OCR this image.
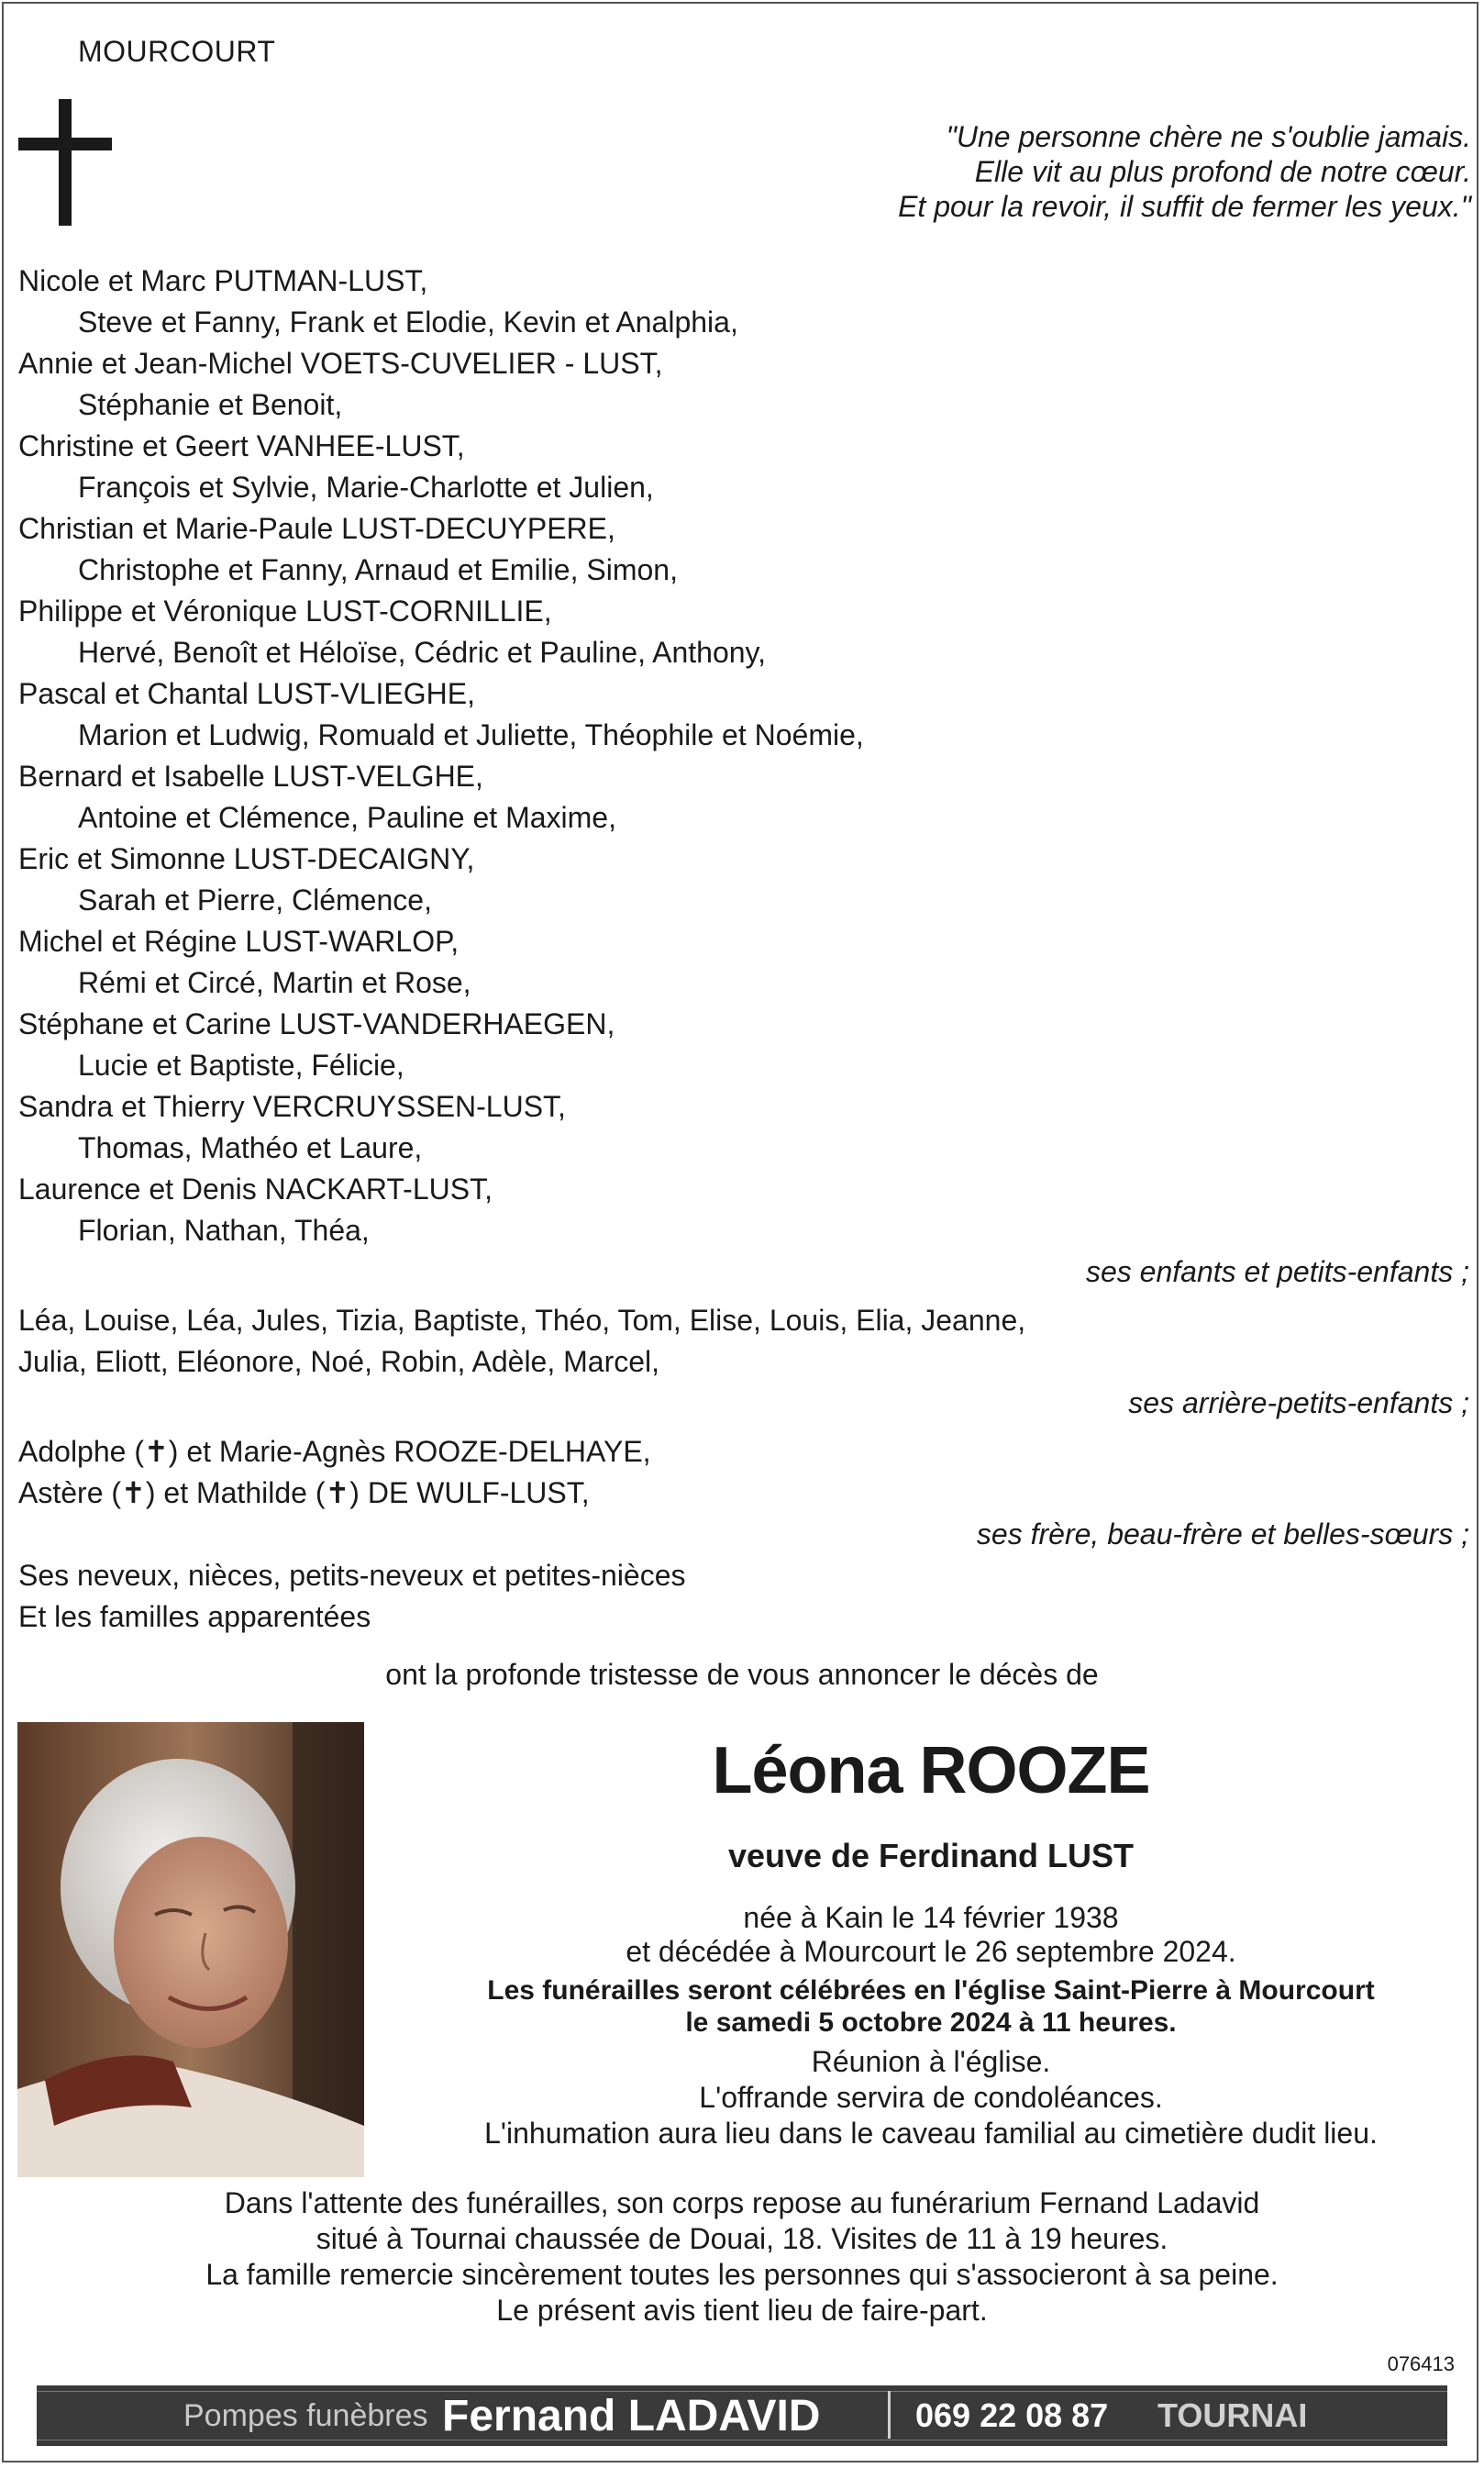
MOURCOURT
"Une personne chère ne s'oublie jamais.
Elle vit au plus profond de notre cœur.
Et pour la revoir, il suffit de fermer les yeux."
Nicole et Marc PUTMAN-LUST,
Steve et Fanny, Frank et Elodie, Kevin et Analphia,
Annie et Jean-Michel VOETS-CUVELIER - LUST,
Stéphanie et Benoit,
Christine et Geert VANHEE-LUST,
François et Sylvie, Marie-Charlotte et Julien,
Christian et Marie-Paule LUST-DECUYPERE,
Christophe et Fanny, Arnaud et Emilie, Simon,
Philippe et Véronique LUST-CORNILLIE,
Hervé, Benoît et Héloïse, Cédric et Pauline, Anthony,
Pascal et Chantal LUST-VLIEGHE,
Marion et Ludwig, Romuald et Juliette, Théophile et Noémie,
Bernard et Isabelle LUST-VELGHE,
Antoine et Clémence, Pauline et Maxime,
Eric et Simonne LUST-DECAIGNY,
Sarah et Pierre, Clémence,
Michel et Régine LUST-WARLOP,
Rémi et Circé, Martin et Rose,
Stéphane et Carine LUST-VANDERHAEGEN,
Lucie et Baptiste, Félicie,
Sandra et Thierry VERCRUYSSEN-LUST,
Thomas, Mathéo et Laure,
Laurence et Denis NACKART-LUST,
Florian, Nathan, Théa,
ses enfants et petits-enfants ;
Léa, Louise, Léa, Jules, Tizia, Baptiste, Théo, Tom, Elise, Louis, Elia, Jeanne,
Julia, Eliott, Eléonore, Noé, Robin, Adèle, Marcel,
ses arrière-petits-enfants ;
Adolphe (✝) et Marie-Agnès ROOZE-DELHAYE,
Astère (✝) et Mathilde (✝) DE WULF-LUST,
ses frère, beau-frère et belles-sœurs ;
Ses neveux, nièces, petits-neveux et petites-nièces
Et les familles apparentées
ont la profonde tristesse de vous annoncer le décès de
Léona ROOZE
veuve de Ferdinand LUST
née à Kain le 14 février 1938
et décédée à Mourcourt le 26 septembre 2024.
Les funérailles seront célébrées en l'église Saint-Pierre à Mourcourt
le samedi 5 octobre 2024 à 11 heures.
Réunion à l'église.
L'offrande servira de condoléances.
L'inhumation aura lieu dans le caveau familial au cimetière dudit lieu.
Dans l'attente des funérailles, son corps repose au funérarium Fernand Ladavid
situé à Tournai chaussée de Douai, 18. Visites de 11 à 19 heures.
La famille remercie sincèrement toutes les personnes qui s'associeront à sa peine.
Le présent avis tient lieu de faire-part.
076413
Pompes funèbres Fernand LADAVID	069 22 08 87 TOURNAI
